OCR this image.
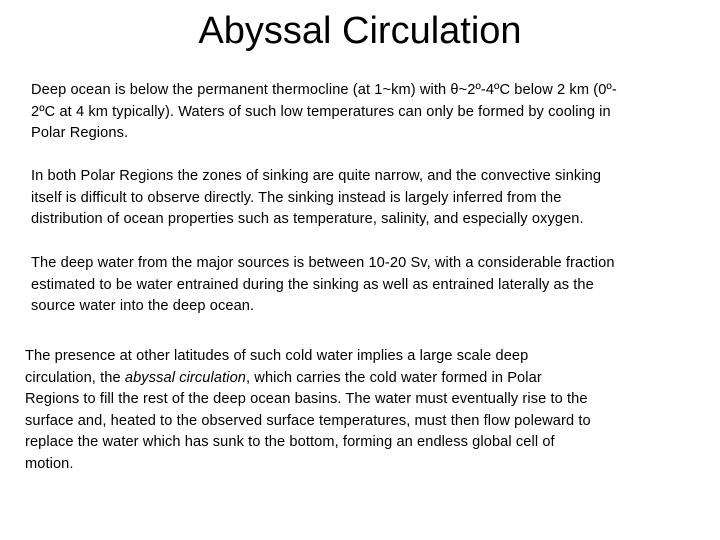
Abyssal Circulation

Deep ocean is below the permanent thermocline (at 1~km) with θ~2º-4ºC below 2 km (0º-
2ºC at 4 km typically). Waters of such low temperatures can only be formed by cooling in
Polar Regions.

In both Polar Regions the zones of sinking are quite narrow, and the convective sinking
itself is difficult to observe directly. The sinking instead is largely inferred from the
distribution of ocean properties such as temperature, salinity, and especially oxygen.

The deep water from the major sources is between 10-20 Sv, with a considerable fraction
estimated to be water entrained during the sinking as well as entrained laterally as the
source water into the deep ocean.

The presence at other latitudes of such cold water implies a large scale deep
circulation, the abyssal circulation, which carries the cold water formed in Polar
Regions to fill the rest of the deep ocean basins. The water must eventually rise to the
surface and, heated to the observed surface temperatures, must then flow poleward to
replace the water which has sunk to the bottom, forming an endless global cell of
motion.
